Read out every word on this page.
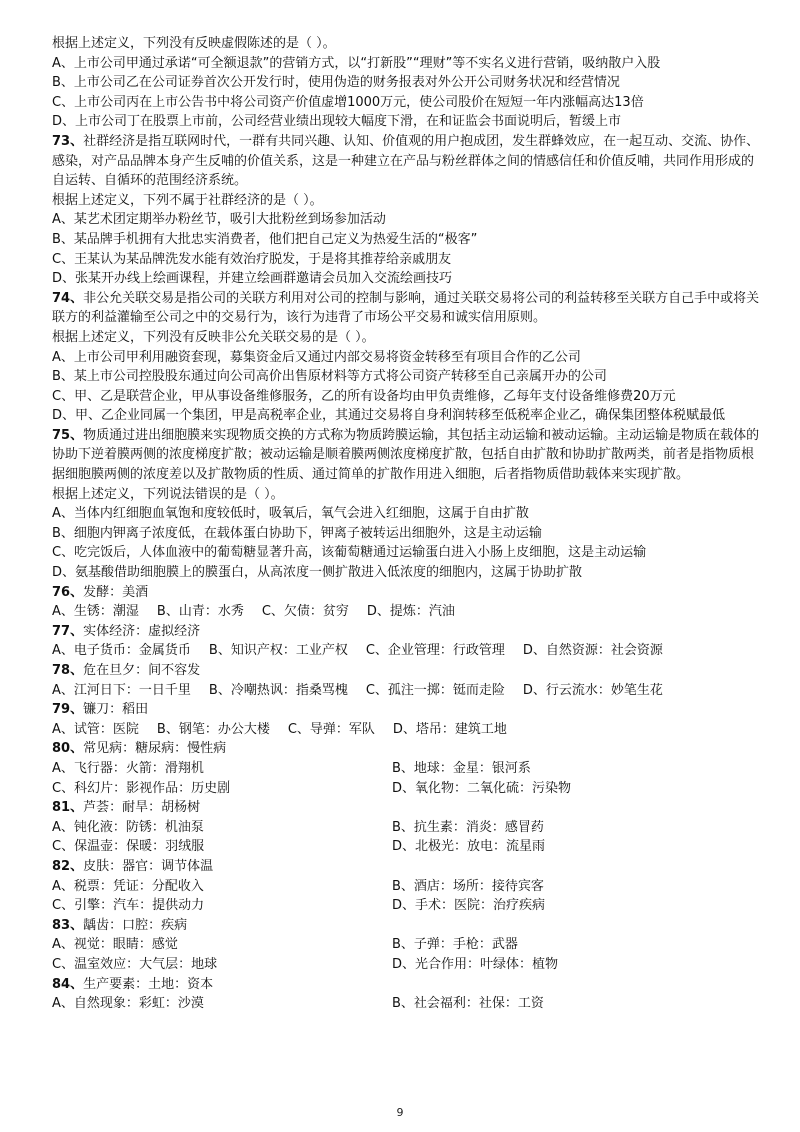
根据上述定义，下列没有反映虚假陈述的是（ ）。

A、上市公司甲通过承诺“可全额退款”的营销方式，以“打新股”“理财”等不实名义进行营销，吸纳散户入股

B、上市公司乙在公司证券首次公开发行时，使用伪造的财务报表对外公开公司财务状况和经营情况

C、上市公司丙在上市公告书中将公司资产价值虚增1000万元，使公司股价在短短一年内涨幅高达13倍

D、上市公司丁在股票上市前，公司经营业绩出现较大幅度下滑，在和证监会书面说明后，暂缓上市

73、社群经济是指互联网时代，一群有共同兴趣、认知、价值观的用户抱成团，发生群蜂效应，在一起互动、交流、协作、感染，对产品品牌本身产生反哺的价值关系，这是一种建立在产品与粉丝群体之间的情感信任和价值反哺，共同作用形成的自运转、自循环的范围经济系统。

根据上述定义，下列不属于社群经济的是（ ）。

A、某艺术团定期举办粉丝节，吸引大批粉丝到场参加活动

B、某品牌手机拥有大批忠实消费者，他们把自己定义为热爱生活的“极客”

C、王某认为某品牌洗发水能有效治疗脱发，于是将其推荐给亲戚朋友

D、张某开办线上绘画课程，并建立绘画群邀请会员加入交流绘画技巧

74、非公允关联交易是指公司的关联方利用对公司的控制与影响，通过关联交易将公司的利益转移至关联方自己手中或将关联方的利益灌输至公司之中的交易行为，该行为违背了市场公平交易和诚实信用原则。

根据上述定义，下列没有反映非公允关联交易的是（ ）。

A、上市公司甲利用融资套现，募集资金后又通过内部交易将资金转移至有项目合作的乙公司

B、某上市公司控股股东通过向公司高价出售原材料等方式将公司资产转移至自己亲属开办的公司

C、甲、乙是联营企业，甲从事设备维修服务，乙的所有设备均由甲负责维修，乙每年支付设备维修费20万元

D、甲、乙企业同属一个集团，甲是高税率企业，其通过交易将自身利润转移至低税率企业乙，确保集团整体税赋最低

75、物质通过进出细胞膜来实现物质交换的方式称为物质跨膜运输，其包括主动运输和被动运输。主动运输是物质在载体的协助下逆着膜两侧的浓度梯度扩散；被动运输是顺着膜两侧浓度梯度扩散，包括自由扩散和协助扩散两类，前者是指物质根据细胞膜两侧的浓度差以及扩散物质的性质、通过简单的扩散作用进入细胞，后者指物质借助载体来实现扩散。

根据上述定义，下列说法错误的是（ ）。

A、当体内红细胞血氧饱和度较低时，吸氧后，氧气会进入红细胞，这属于自由扩散

B、细胞内钾离子浓度低，在载体蛋白协助下，钾离子被转运出细胞外，这是主动运输

C、吃完饭后，人体血液中的葡萄糖显著升高，该葡萄糖通过运输蛋白进入小肠上皮细胞，这是主动运输

D、氨基酸借助细胞膜上的膜蛋白，从高浓度一侧扩散进入低浓度的细胞内，这属于协助扩散

76、发酵：美酒

A、生锈：潮湿 B、山青：水秀 C、欠债：贫穷 D、提炼：汽油

77、实体经济：虚拟经济

A、电子货币：金属货币 B、知识产权：工业产权 C、企业管理：行政管理 D、自然资源：社会资源

78、危在旦夕：间不容发

A、江河日下：一日千里 B、冷嘲热讽：指桑骂槐 C、孤注一掷：铤而走险 D、行云流水：妙笔生花

79、镰刀：稻田

A、试管：医院 B、钢笔：办公大楼 C、导弹：军队 D、塔吊：建筑工地

80、常见病：糖尿病：慢性病

A、飞行器：火箭：滑翔机	B、地球：金星：银河系
C、科幻片：影视作品：历史剧	D、氧化物：二氧化硫：污染物

81、芦荟：耐旱：胡杨树

A、钝化液：防锈：机油泵	B、抗生素：消炎：感冒药
C、保温壶：保暖：羽绒服	D、北极光：放电：流星雨

82、皮肤：器官：调节体温

A、税票：凭证：分配收入	B、酒店：场所：接待宾客
C、引擎：汽车：提供动力	D、手术：医院：治疗疾病

83、龋齿：口腔：疾病

A、视觉：眼睛：感觉	B、子弹：手枪：武器
C、温室效应：大气层：地球	D、光合作用：叶绿体：植物

84、生产要素：土地：资本

A、自然现象：彩虹：沙漠	B、社会福利：社保：工资
9
